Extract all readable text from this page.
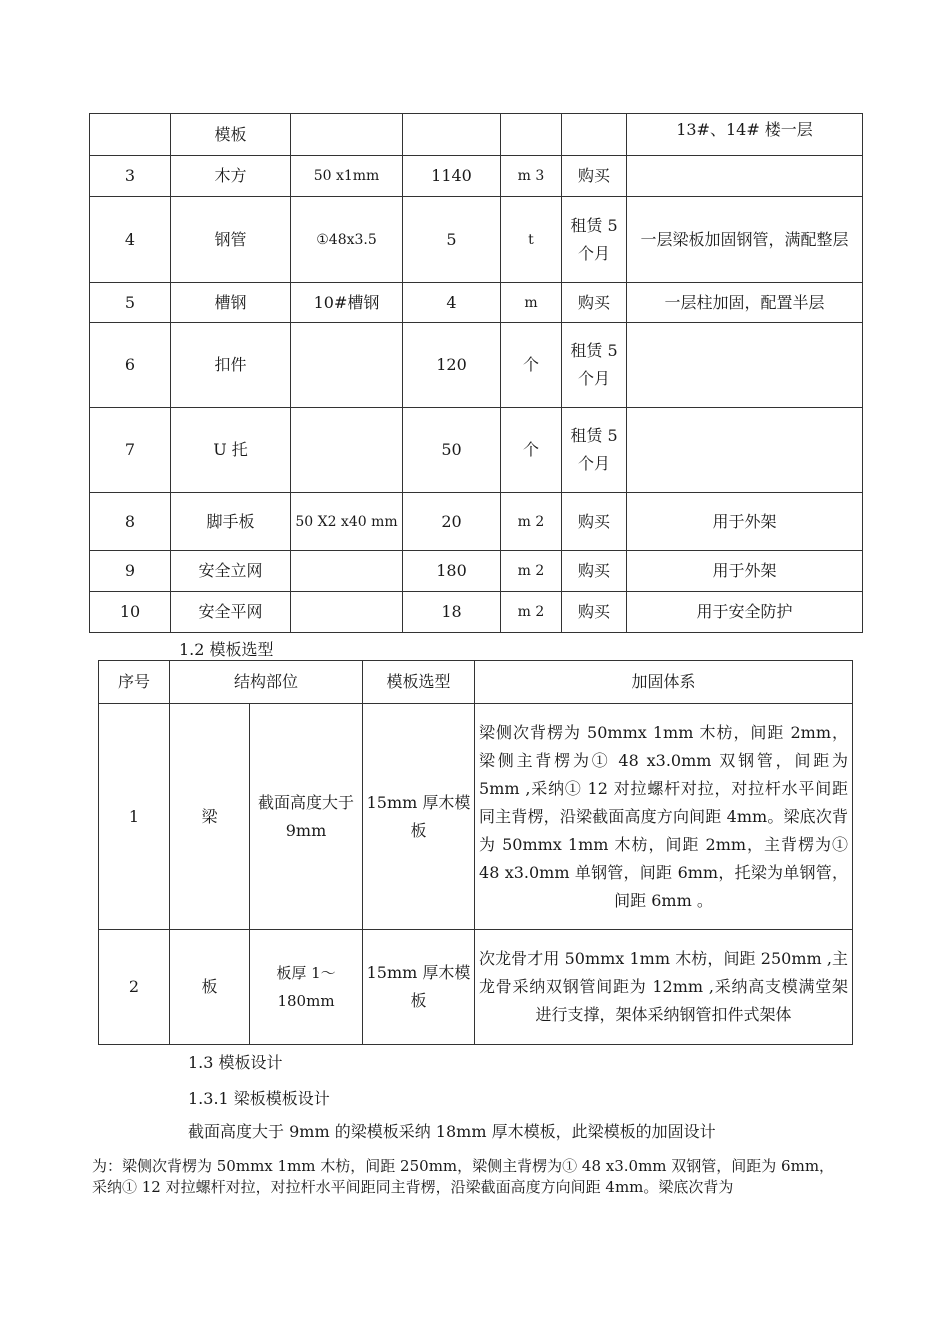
	模板					13#、14# 楼一层
3	木方	50 x1mm	1140	m 3	购买	
4	钢管	①48x3.5	5	t	租赁 5 个月	一层梁板加固钢管，满配整层
5	槽钢	10#槽钢	4	m	购买	一层柱加固，配置半层
6	扣件		120	个	租赁 5 个月	
7	U 托		50	个	租赁 5 个月	
8	脚手板	50 X2 x40 mm	20	m 2	购买	用于外架
9	安全立网		180	m 2	购买	用于外架
10	安全平网		18	m 2	购买	用于安全防护
1.2 模板选型
序号	结构部位		模板选型	加固体系
1	梁	截面高度大于 9mm	15mm 厚木模板	梁侧次背楞为 50mmx 1mm 木枋，间距 2mm，梁侧主背楞为① 48 x3.0mm 双钢管，间距为 5mm ,采纳① 12 对拉螺杆对拉，对拉杆水平间距同主背楞，沿梁截面高度方向间距 4mm。梁底次背为 50mmx 1mm 木枋，间距 2mm，主背楞为① 48 x3.0mm 单钢管，间距 6mm，托梁为单钢管，间距 6mm 。
2	板	板厚 1〜180mm	15mm 厚木模板	次龙骨才用 50mmx 1mm 木枋，间距 250mm ,主龙骨采纳双钢管间距为 12mm ,采纳高支模满堂架进行支撑，架体采纳钢管扣件式架体
1.3 模板设计
1.3.1 梁板模板设计
截面高度大于 9mm 的梁模板采纳 18mm 厚木模板，此梁模板的加固设计
为：梁侧次背楞为 50mmx 1mm 木枋，间距 250mm，梁侧主背楞为① 48 x3.0mm 双钢管，间距为 6mm，
采纳① 12 对拉螺杆对拉，对拉杆水平间距同主背楞，沿梁截面高度方向间距 4mm。梁底次背为
